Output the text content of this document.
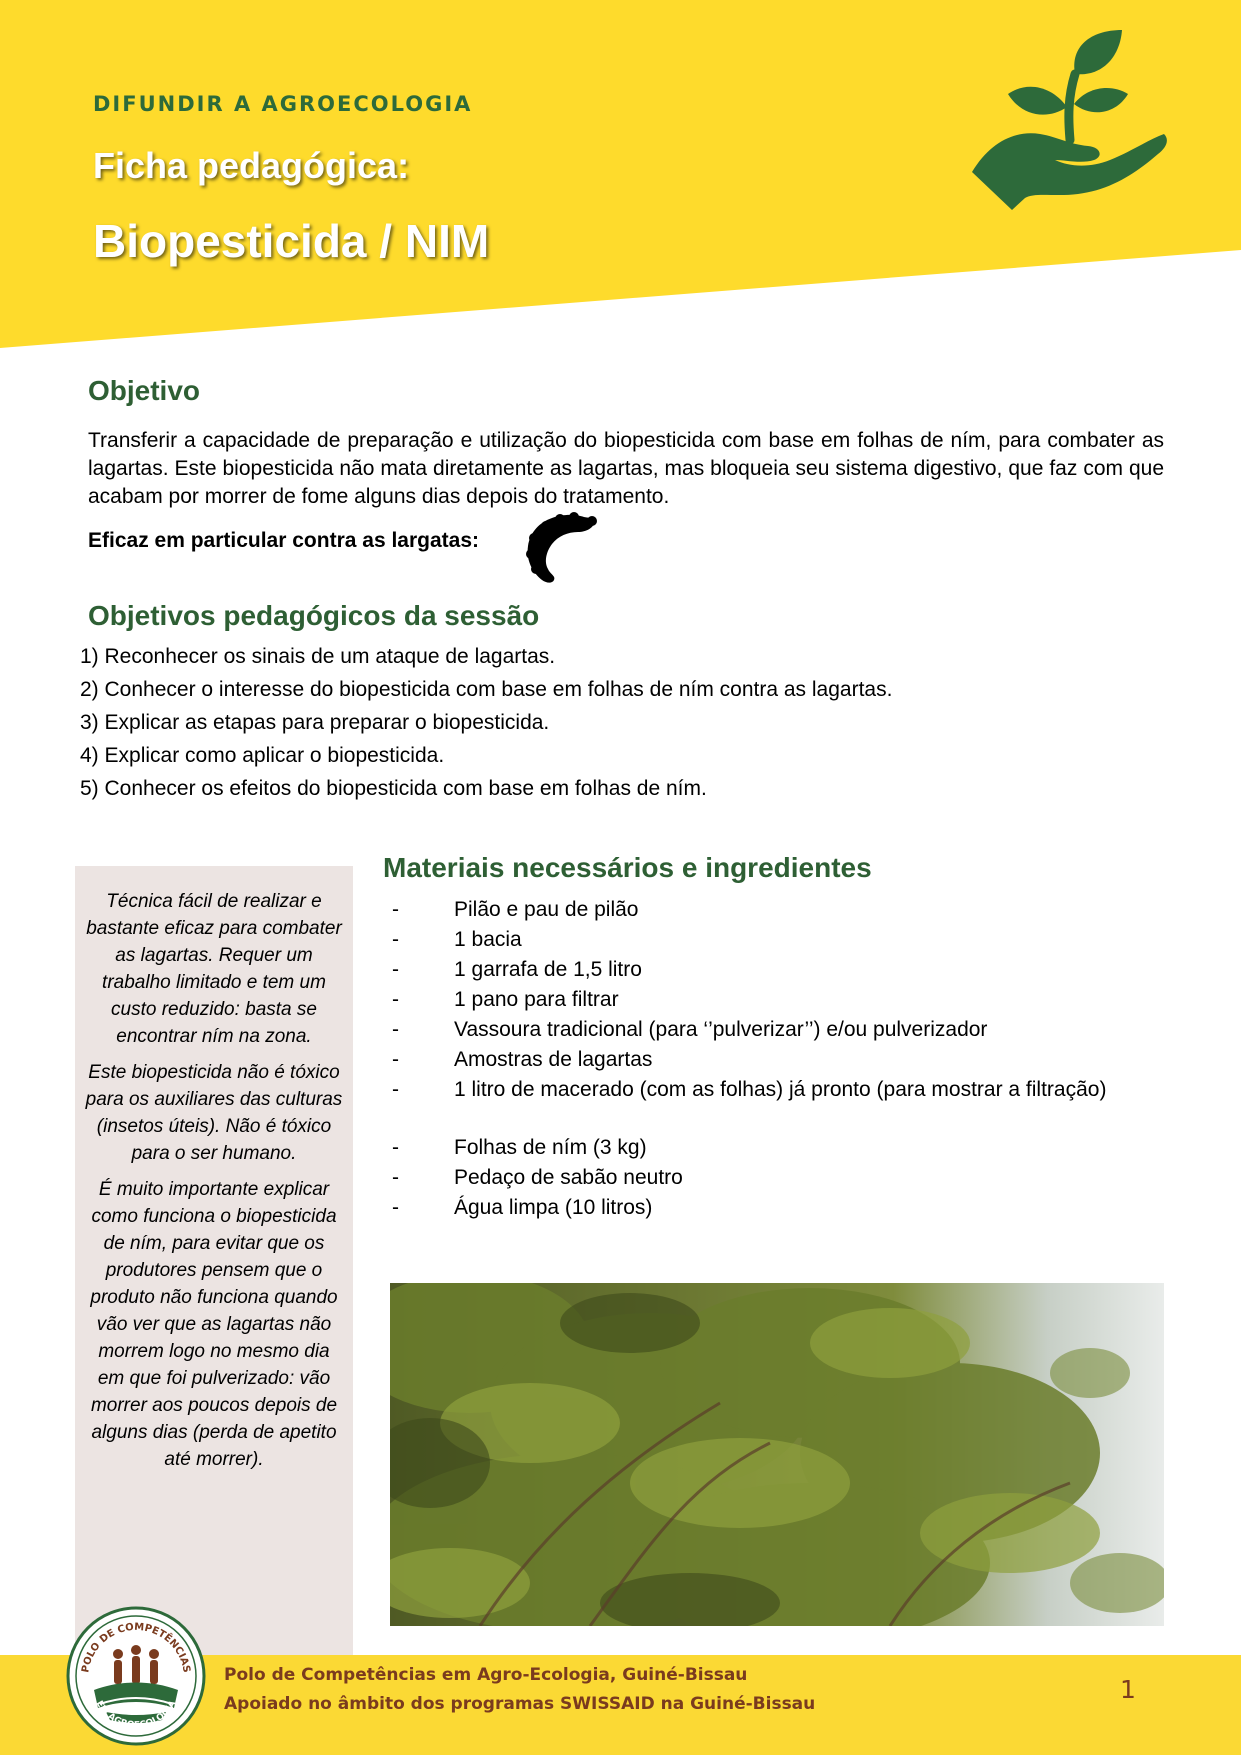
DIFUNDIR A AGROECOLOGIA

Ficha pedagógica:

Biopesticida / NIM

Objetivo

Transferir a capacidade de preparação e utilização do biopesticida com base em folhas de ním, para combater as lagartas. Este biopesticida não mata diretamente as lagartas, mas bloqueia seu sistema digestivo, que faz com que acabam por morrer de fome alguns dias depois do tratamento.

Eficaz em particular contra as largatas:

Objetivos pedagógicos da sessão
1) Reconhecer os sinais de um ataque de lagartas.
2) Conhecer o interesse do biopesticida com base em folhas de ním contra as lagartas.
3) Explicar as etapas para preparar o biopesticida.
4) Explicar como aplicar o biopesticida.
5) Conhecer os efeitos do biopesticida com base em folhas de ním.

Técnica fácil de realizar e bastante eficaz para combater as lagartas. Requer um trabalho limitado e tem um custo reduzido: basta se encontrar ním na zona.

Este biopesticida não é tóxico para os auxiliares das culturas (insetos úteis). Não é tóxico para o ser humano.

É muito importante explicar como funciona o biopesticida de ním, para evitar que os produtores pensem que o produto não funciona quando vão ver que as lagartas não morrem logo no mesmo dia em que foi pulverizado: vão morrer aos poucos depois de alguns dias (perda de apetito até morrer).

Materiais necessários e ingredientes
-	Pilão e pau de pilão
-	1 bacia
-	1 garrafa de 1,5 litro
-	1 pano para filtrar
-	Vassoura tradicional (para ‘’pulverizar’’) e/ou pulverizador
-	Amostras de lagartas
-	1 litro de macerado (com as folhas) já pronto (para mostrar a filtração)
-	Folhas de ním (3 kg)
-	Pedaço de sabão neutro
-	Água limpa (10 litros)

Polo de Competências em Agro-Ecologia, Guiné-Bissau

Apoiado no âmbito dos programas SWISSAID na Guiné-Bissau	1

POLO DE COMPETÊNCIAS
EM AGROECOLOGIA
